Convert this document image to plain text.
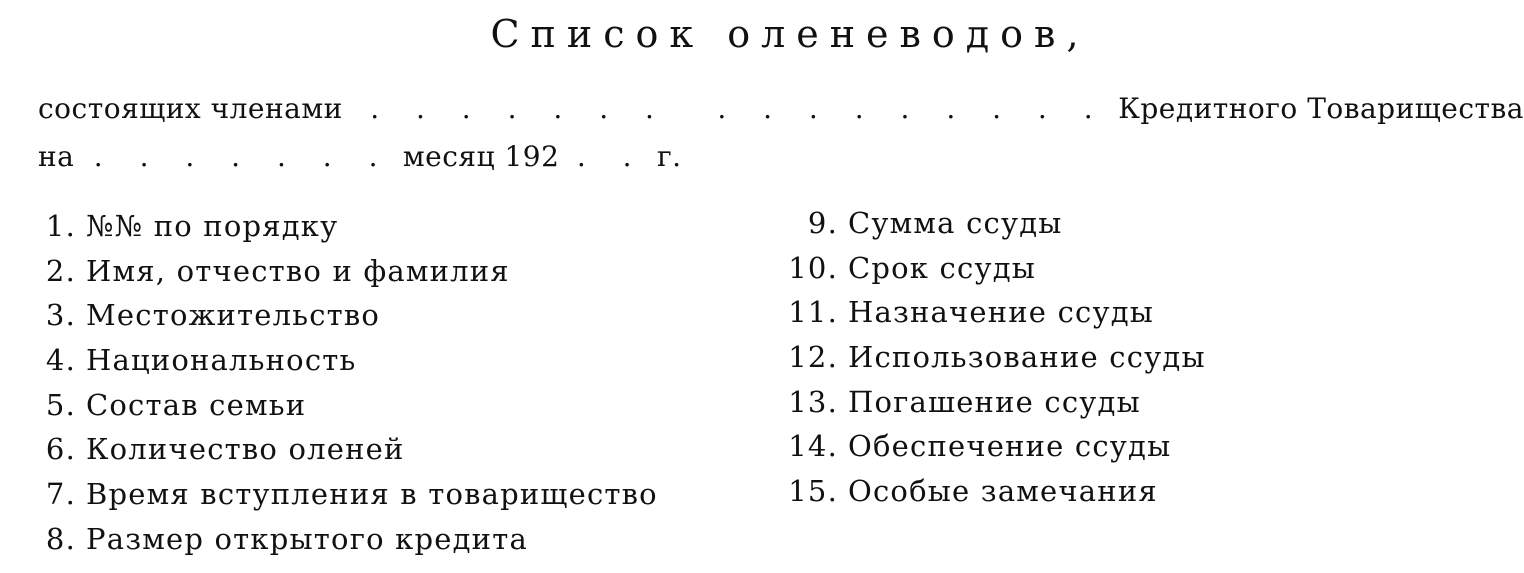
Список оленеводов,
состоящих членами . . . . . . . . . . . . . . . . Кредитного Товарищества
на . . . . . . . месяц 192 . . г.
1. №№ по порядку
2. Имя, отчество и фамилия
3. Местожительство
4. Национальность
5. Состав семьи
6. Количество оленей
7. Время вступления в товарищество
8. Размер открытого кредита
9. Сумма ссуды
10. Срок ссуды
11. Назначение ссуды
12. Использование ссуды
13. Погашение ссуды
14. Обеспечение ссуды
15. Особые замечания
